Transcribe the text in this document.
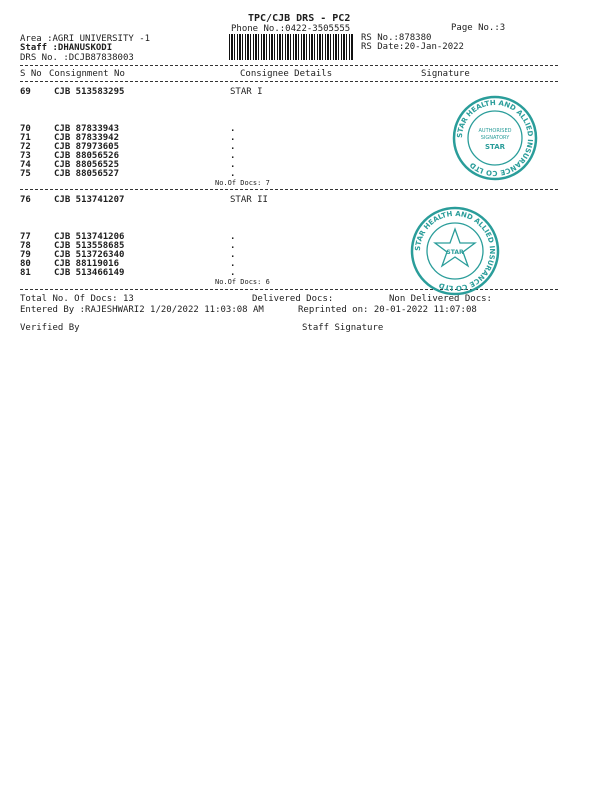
TPC/CJB DRS - PC2
Phone No.:0422-3505555	Page No.:3
Area :AGRI UNIVERSITY -1
Staff :DHANUSKODI
DRS No. :DCJB87838003
RS No.:878380
RS Date:20-Jan-2022
S No Consignment No	Consignee Details	Signature
69	CJB 513583295	STAR I
70	CJB 87833943	.
71	CJB 87833942	.
72	CJB 87973605	.
73	CJB 88056526	.
74	CJB 88056525	.
75	CJB 88056527	.
No.Of Docs: 7
76	CJB 513741207	STAR II
77	CJB 513741206	.
78	CJB 513558685	.
79	CJB 513726340	.
80	CJB 88119016	.
81	CJB 513466149	.
No.Of Docs: 6
Total No. Of Docs: 13	Delivered Docs:	Non Delivered Docs:
Entered By :RAJESHWARI2 1/20/2022 11:03:08 AM	Reprinted on: 20-01-2022 11:07:08
Verified By	Staff Signature
STAR HEALTH AND ALLIED INSURANCE CO LTD
AUTHORISED
SIGNATORY
STAR
STAR HEALTH AND ALLIED INSURANCE CO LTD
STAR
